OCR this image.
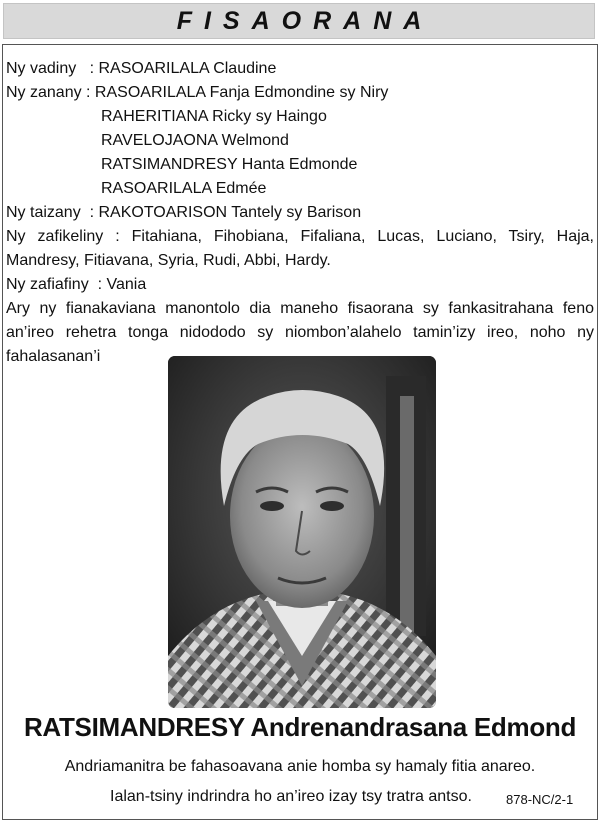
FISAORANA
Ny vadiny   : RASOARILALA Claudine
Ny zanany : RASOARILALA Fanja Edmondine sy Niry
RAHERITIANA Ricky sy Haingo
RAVELOJAONA Welmond
RATSIMANDRESY Hanta Edmonde
RASOARILALA Edmée
Ny taizany  : RAKOTOARISON Tantely sy Barison
Ny zafikeliny : Fitahiana, Fihobiana, Fifaliana, Lucas, Luciano, Tsiry, Haja,
Mandresy, Fitiavana, Syria, Rudi, Abbi, Hardy.
Ny zafiafiny  : Vania
Ary ny fianakaviana manontolo dia maneho fisaorana sy fankasitrahana feno
an’ireo rehetra tonga nidododo sy niombon’alahelo tamin’izy ireo, noho ny
fahalasanan’i
RATSIMANDRESY Andrenandrasana Edmond
Andriamanitra be fahasoavana anie homba sy hamaly fitia anareo.
Ialan-tsiny indrindra ho an’ireo izay tsy tratra antso.	878-NC/2-1
